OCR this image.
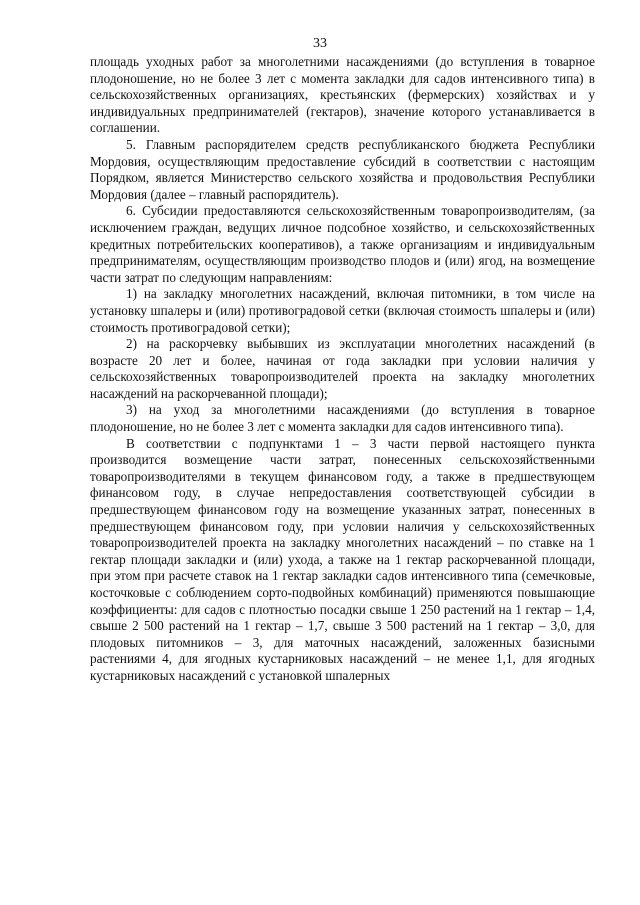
33

площадь уходных работ за многолетними насаждениями (до вступления в товарное плодоношение, но не более 3 лет с момента закладки для садов интенсивного типа) в сельскохозяйственных организациях, крестьянских (фермерских) хозяйствах и у индивидуальных предпринимателей (гектаров), значение которого устанавливается в соглашении.

5. Главным распорядителем средств республиканского бюджета Республики Мордовия, осуществляющим предоставление субсидий в соответствии с настоящим Порядком, является Министерство сельского хозяйства и продовольствия Республики Мордовия (далее – главный распорядитель).

6. Субсидии предоставляются сельскохозяйственным товаропроизводителям, (за исключением граждан, ведущих личное подсобное хозяйство, и сельскохозяйственных кредитных потребительских кооперативов), а также организациям и индивидуальным предпринимателям, осуществляющим производство плодов и (или) ягод, на возмещение части затрат по следующим направлениям:

1) на закладку многолетних насаждений, включая питомники, в том числе на установку шпалеры и (или) противоградовой сетки (включая стоимость шпалеры и (или) стоимость противоградовой сетки);

2) на раскорчевку выбывших из эксплуатации многолетних насаждений (в возрасте 20 лет и более, начиная от года закладки при условии наличия у сельскохозяйственных товаропроизводителей проекта на закладку многолетних насаждений на раскорчеванной площади);

3) на уход за многолетними насаждениями (до вступления в товарное плодоношение, но не более 3 лет с момента закладки для садов интенсивного типа).

В соответствии с подпунктами 1 – 3 части первой настоящего пункта производится возмещение части затрат, понесенных сельскохозяйственными товаропроизводителями в текущем финансовом году, а также в предшествующем финансовом году, в случае непредоставления соответствующей субсидии в предшествующем финансовом году на возмещение указанных затрат, понесенных в предшествующем финансовом году, при условии наличия у сельскохозяйственных товаропроизводителей проекта на закладку многолетних насаждений – по ставке на 1 гектар площади закладки и (или) ухода, а также на 1 гектар раскорчеванной площади, при этом при расчете ставок на 1 гектар закладки садов интенсивного типа (семечковые, косточковые с соблюдением сорто-подвойных комбинаций) применяются повышающие коэффициенты: для садов с плотностью посадки свыше 1 250 растений на 1 гектар – 1,4, свыше 2 500 растений на 1 гектар – 1,7, свыше 3 500 растений на 1 гектар – 3,0, для плодовых питомников – 3, для маточных насаждений, заложенных базисными растениями 4, для ягодных кустарниковых насаждений – не менее 1,1, для ягодных кустарниковых насаждений с установкой шпалерных
